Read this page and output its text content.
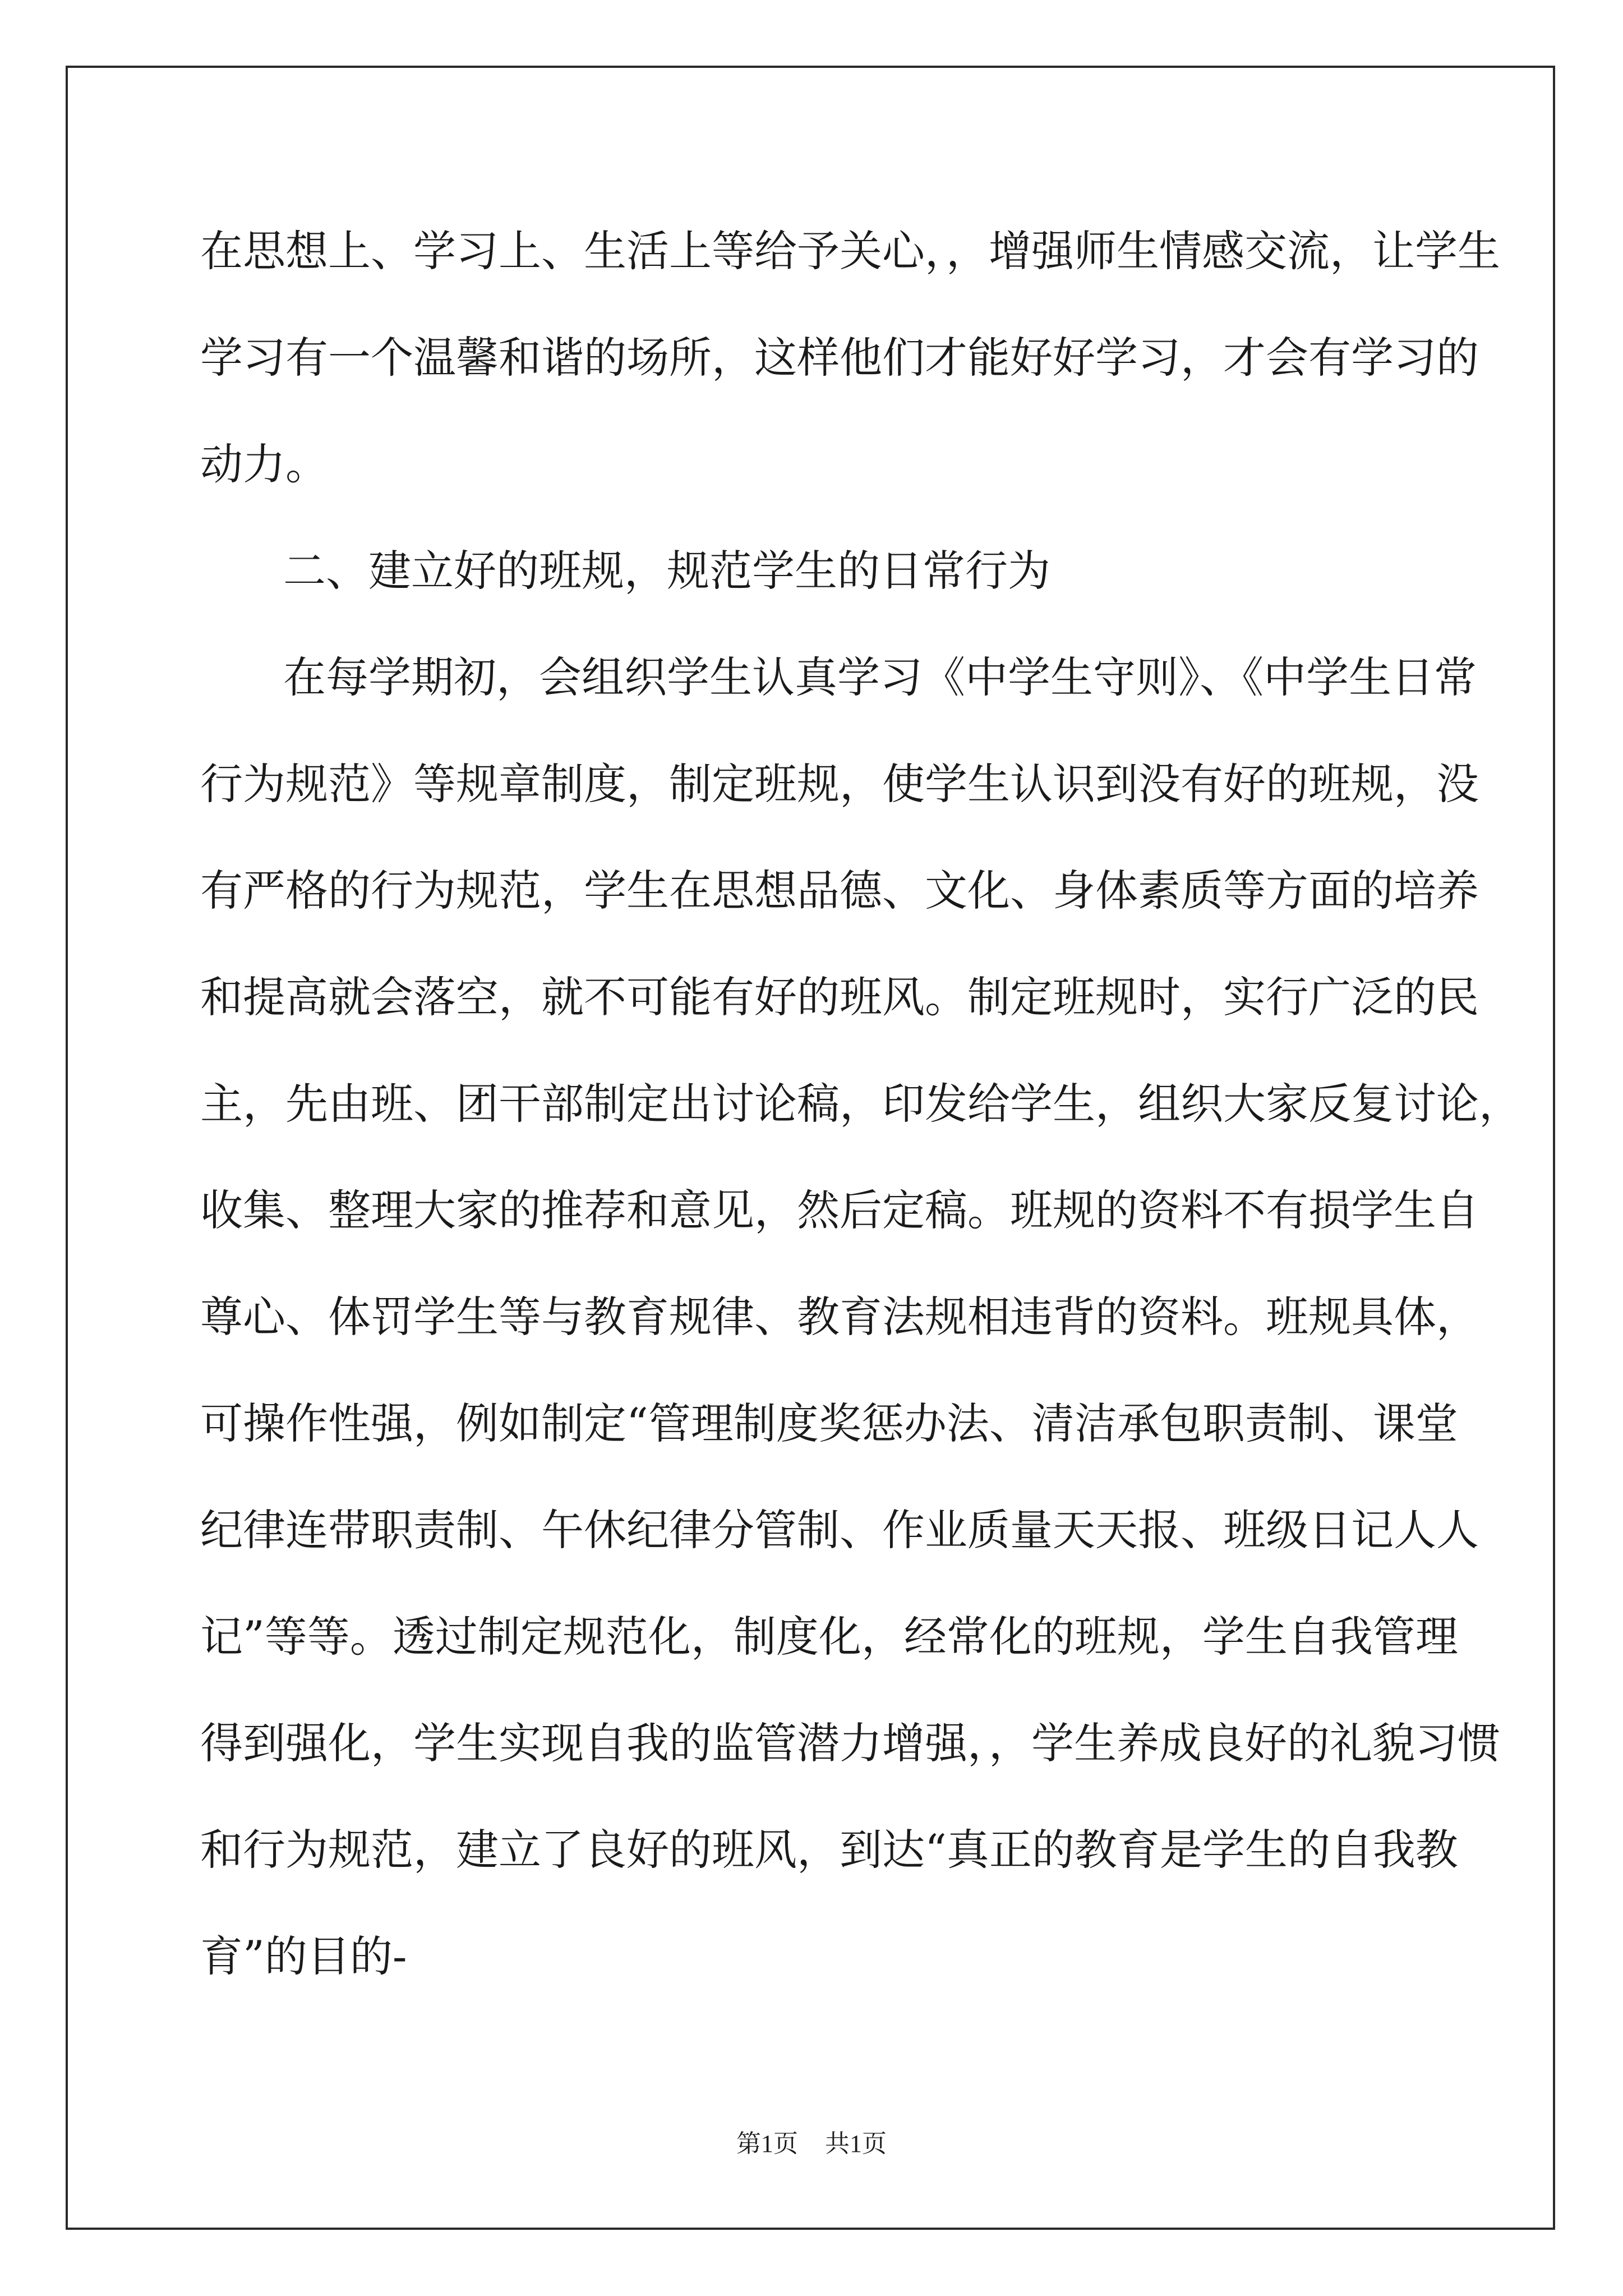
在思想上、学习上、生活上等给予关心，，增强师生情感交流，让学生

学习有一个温馨和谐的场所，这样他们才能好好学习，才会有学习的

动力。

二、建立好的班规，规范学生的日常行为

在每学期初，会组织学生认真学习《中学生守则》、《中学生日常

行为规范》等规章制度，制定班规，使学生认识到没有好的班规，没

有严格的行为规范，学生在思想品德、文化、身体素质等方面的培养

和提高就会落空，就不可能有好的班风。制定班规时，实行广泛的民

主，先由班、团干部制定出讨论稿，印发给学生，组织大家反复讨论，

收集、整理大家的推荐和意见，然后定稿。班规的资料不有损学生自

尊心、体罚学生等与教育规律、教育法规相违背的资料。班规具体，

可操作性强，例如制定“管理制度奖惩办法、清洁承包职责制、课堂

纪律连带职责制、午休纪律分管制、作业质量天天报、班级日记人人

记”等等。透过制定规范化，制度化，经常化的班规，学生自我管理

得到强化，学生实现自我的监管潜力增强，，学生养成良好的礼貌习惯

和行为规范，建立了良好的班风，到达“真正的教育是学生的自我教

育”的目的-

第1页 共1页
